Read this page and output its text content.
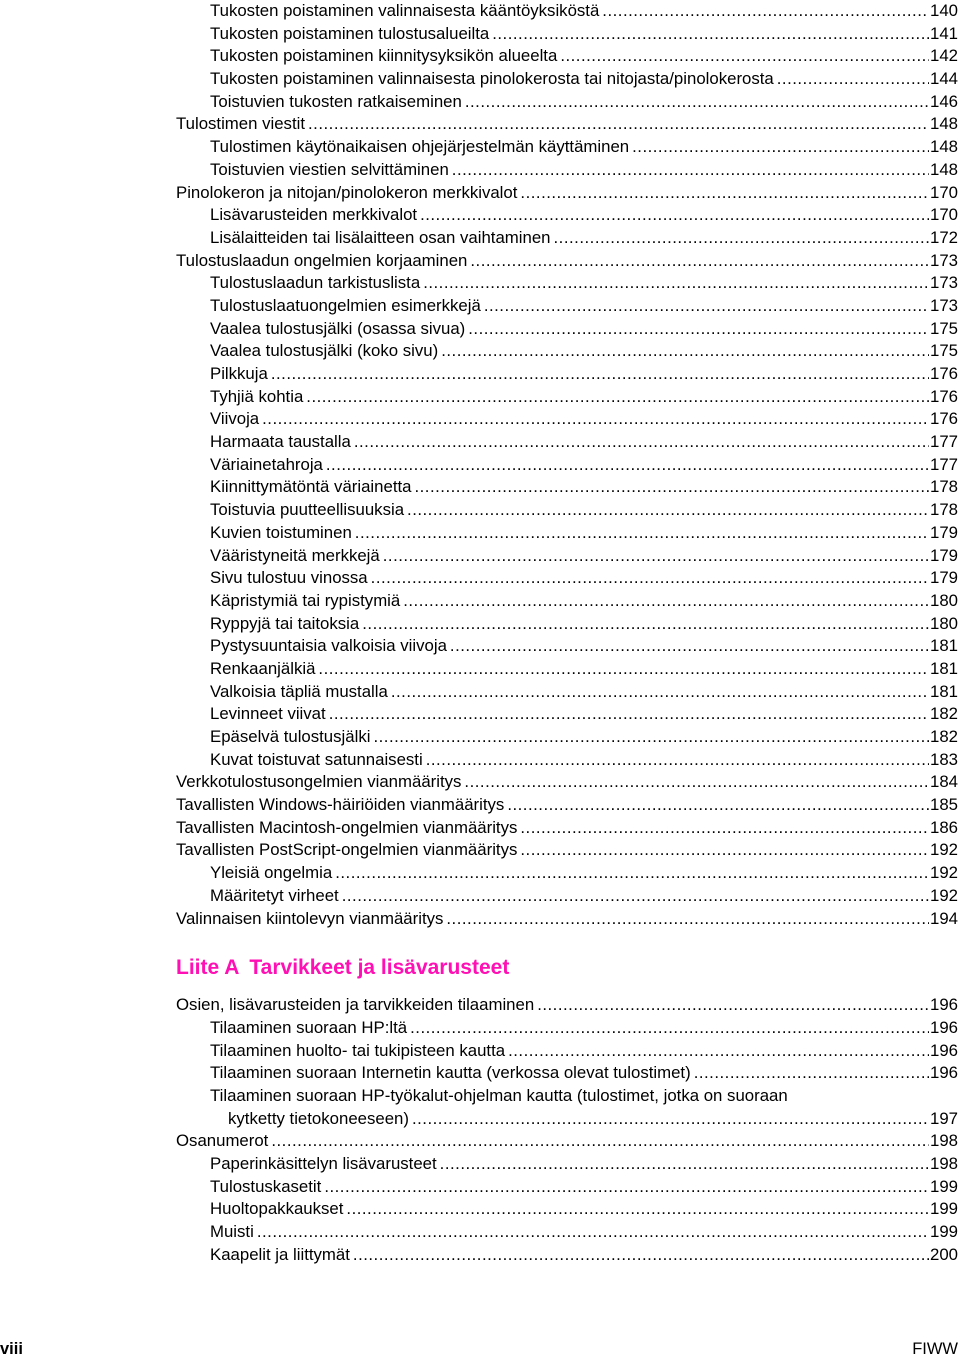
Tukosten poistaminen valinnaisesta kääntöyksiköstä .....	140
Tukosten poistaminen tulostusalueilta .....	141
Tukosten poistaminen kiinnitysyksikön alueelta .....	142
Tukosten poistaminen valinnaisesta pinolokerosta tai nitojasta/pinolokerosta .....	144
Toistuvien tukosten ratkaiseminen .....	146
Tulostimen viestit .....	148
Tulostimen käytönaikaisen ohjejärjestelmän käyttäminen .....	148
Toistuvien viestien selvittäminen .....	148
Pinolokeron ja nitojan/pinolokeron merkkivalot .....	170
Lisävarusteiden merkkivalot .....	170
Lisälaitteiden tai lisälaitteen osan vaihtaminen .....	172
Tulostuslaadun ongelmien korjaaminen .....	173
Tulostuslaadun tarkistuslista .....	173
Tulostuslaatuongelmien esimerkkejä .....	173
Vaalea tulostusjälki (osassa sivua) .....	175
Vaalea tulostusjälki (koko sivu) .....	175
Pilkkuja .....	176
Tyhjiä kohtia .....	176
Viivoja .....	176
Harmaata taustalla .....	177
Väriainetahroja .....	177
Kiinnittymätöntä väriainetta .....	178
Toistuvia puutteellisuuksia .....	178
Kuvien toistuminen .....	179
Vääristyneitä merkkejä .....	179
Sivu tulostuu vinossa .....	179
Käpristymiä tai rypistymiä .....	180
Ryppyjä tai taitoksia .....	180
Pystysuuntaisia valkoisia viivoja .....	181
Renkaanjälkiä .....	181
Valkoisia täpliä mustalla .....	181
Levinneet viivat .....	182
Epäselvä tulostusjälki .....	182
Kuvat toistuvat satunnaisesti .....	183
Verkkotulostusongelmien vianmääritys .....	184
Tavallisten Windows-häiriöiden vianmääritys .....	185
Tavallisten Macintosh-ongelmien vianmääritys .....	186
Tavallisten PostScript-ongelmien vianmääritys .....	192
Yleisiä ongelmia .....	192
Määritetyt virheet .....	192
Valinnaisen kiintolevyn vianmääritys .....	194
Liite A Tarvikkeet ja lisävarusteet
Osien, lisävarusteiden ja tarvikkeiden tilaaminen .....	196
Tilaaminen suoraan HP:ltä .....	196
Tilaaminen huolto- tai tukipisteen kautta .....	196
Tilaaminen suoraan Internetin kautta (verkossa olevat tulostimet) .....	196
Tilaaminen suoraan HP-työkalut-ohjelman kautta (tulostimet, jotka on suoraan
kytketty tietokoneeseen) .....	197
Osanumerot .....	198
Paperinkäsittelyn lisävarusteet .....	198
Tulostuskasetit .....	199
Huoltopakkaukset .....	199
Muisti .....	199
Kaapelit ja liittymät .....	200
viii	FIWW
